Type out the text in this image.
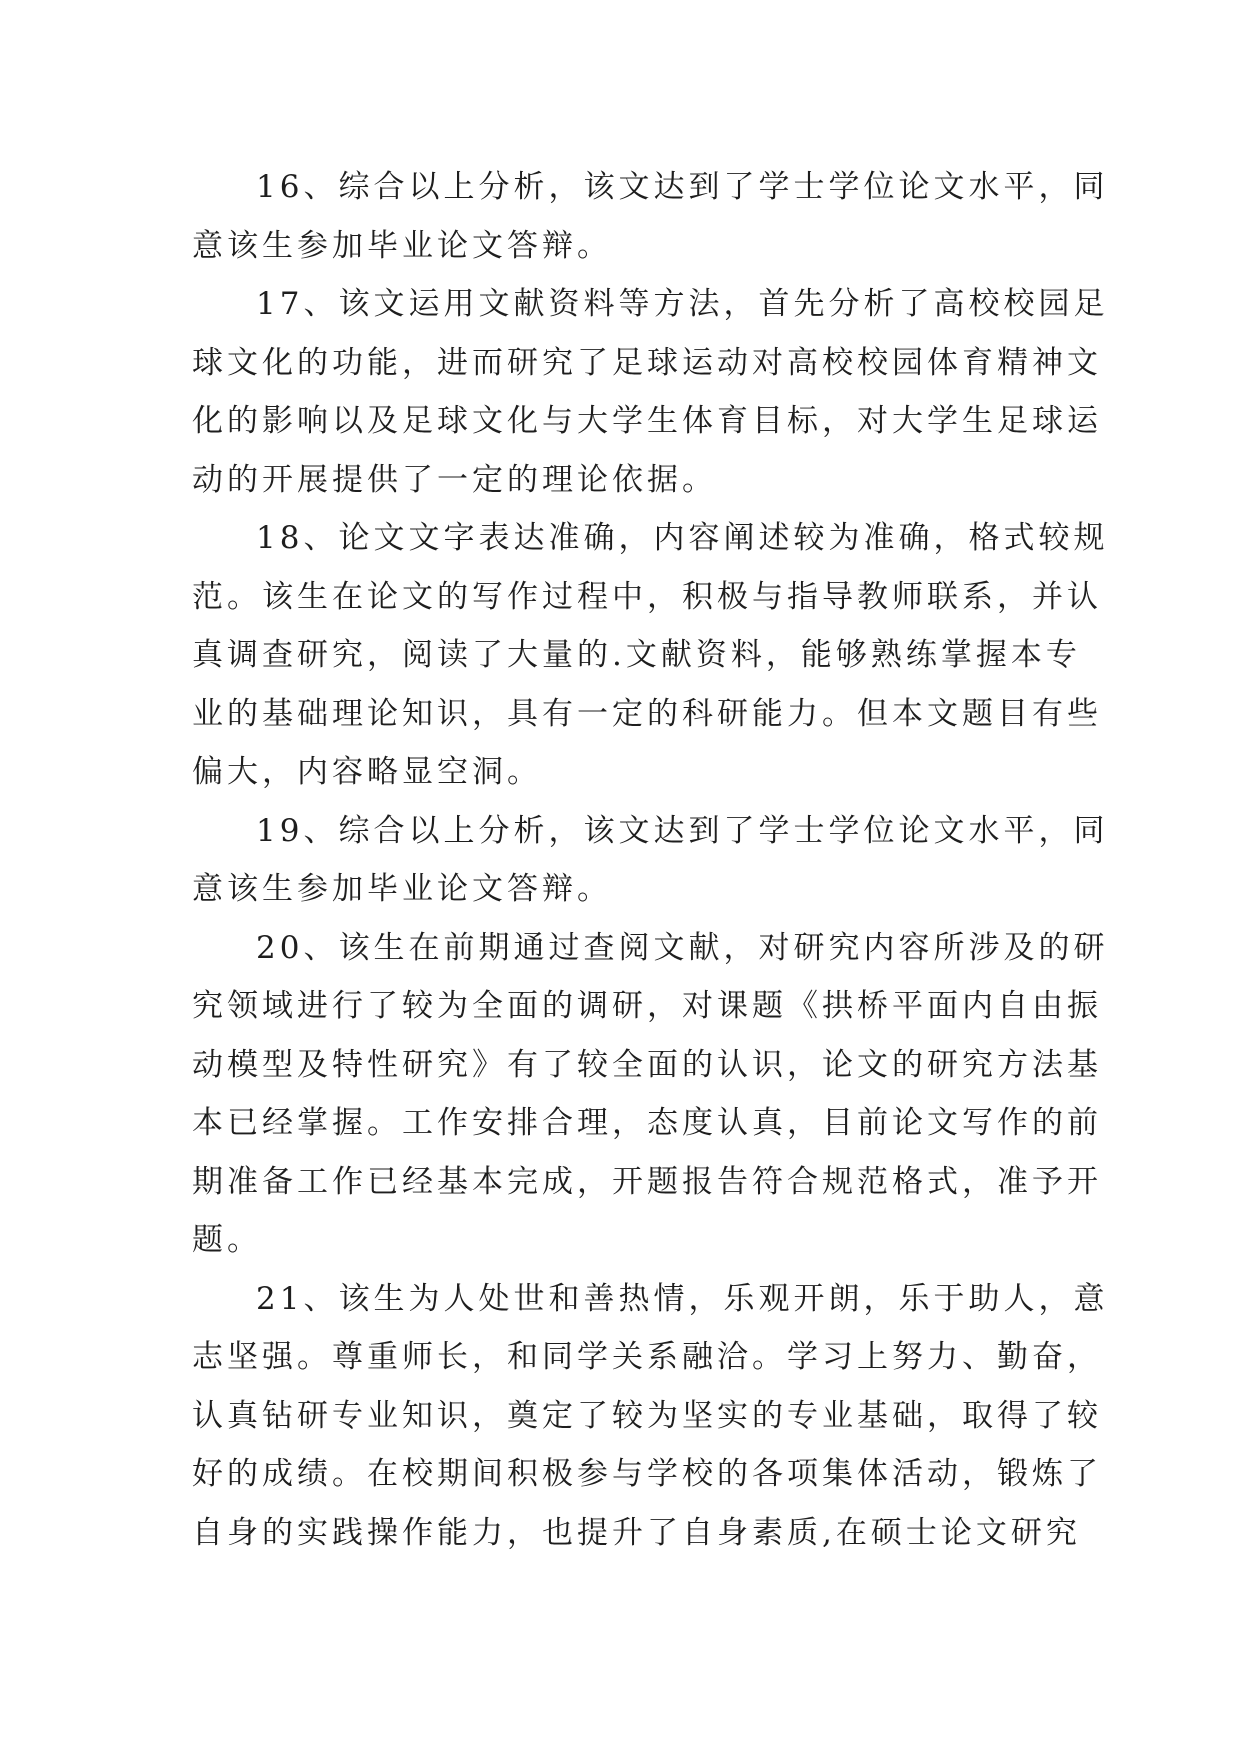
16、综合以上分析，该文达到了学士学位论文水平，同
意该生参加毕业论文答辩。

17、该文运用文献资料等方法，首先分析了高校校园足
球文化的功能，进而研究了足球运动对高校校园体育精神文
化的影响以及足球文化与大学生体育目标，对大学生足球运
动的开展提供了一定的理论依据。

18、论文文字表达准确，内容阐述较为准确，格式较规
范。该生在论文的写作过程中，积极与指导教师联系，并认
真调查研究，阅读了大量的.文献资料，能够熟练掌握本专
业的基础理论知识，具有一定的科研能力。但本文题目有些
偏大，内容略显空洞。

19、综合以上分析，该文达到了学士学位论文水平，同
意该生参加毕业论文答辩。

20、该生在前期通过查阅文献，对研究内容所涉及的研
究领域进行了较为全面的调研，对课题《拱桥平面内自由振
动模型及特性研究》有了较全面的认识，论文的研究方法基
本已经掌握。工作安排合理，态度认真，目前论文写作的前
期准备工作已经基本完成，开题报告符合规范格式，准予开
题。

21、该生为人处世和善热情，乐观开朗，乐于助人，意
志坚强。尊重师长，和同学关系融洽。学习上努力、勤奋，
认真钻研专业知识，奠定了较为坚实的专业基础，取得了较
好的成绩。在校期间积极参与学校的各项集体活动，锻炼了
自身的实践操作能力，也提升了自身素质,在硕士论文研究
